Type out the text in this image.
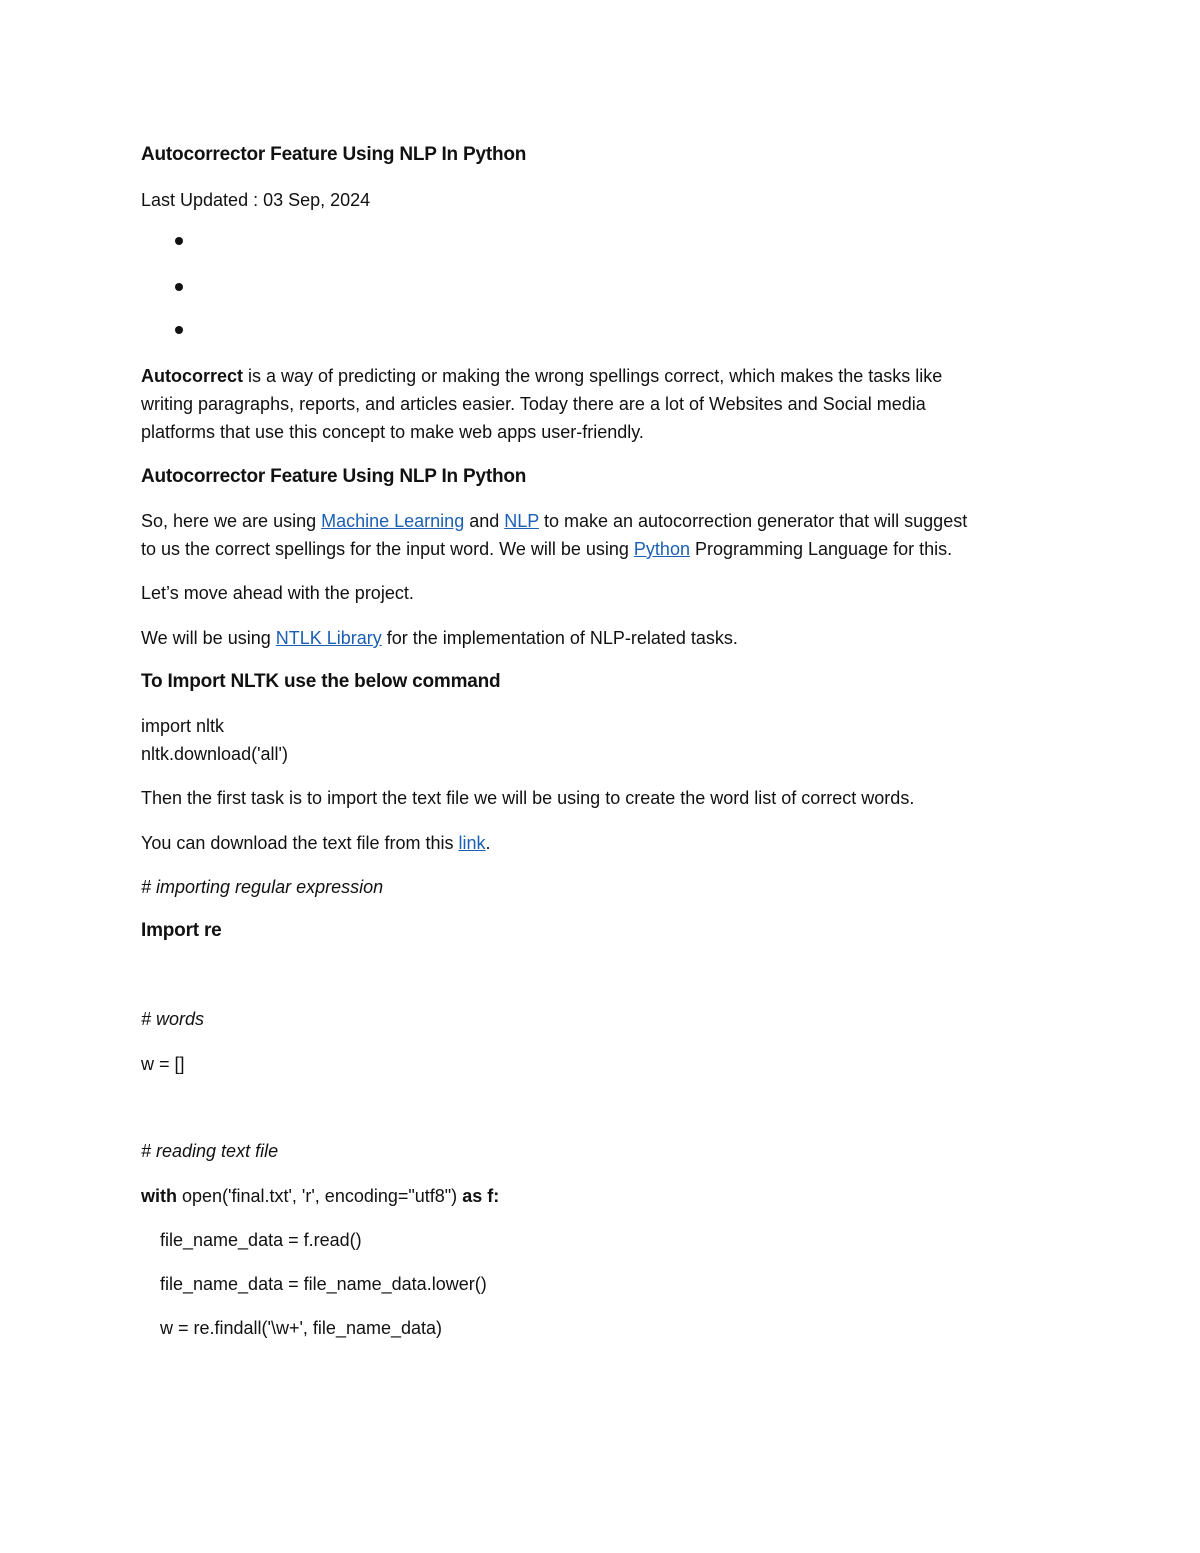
Autocorrector Feature Using NLP In Python
Last Updated : 03 Sep, 2024
Autocorrect is a way of predicting or making the wrong spellings correct, which makes the tasks like
writing paragraphs, reports, and articles easier. Today there are a lot of Websites and Social media
platforms that use this concept to make web apps user-friendly.
Autocorrector Feature Using NLP In Python
So, here we are using Machine Learning and NLP to make an autocorrection generator that will suggest
to us the correct spellings for the input word. We will be using Python Programming Language for this.
Let’s move ahead with the project.
We will be using NTLK Library for the implementation of NLP-related tasks.
To Import NLTK use the below command
import nltk
nltk.download('all')
Then the first task is to import the text file we will be using to create the word list of correct words.
You can download the text file from this link.
# importing regular expression
Import re
# words
w = []
# reading text file
with open('final.txt', 'r', encoding="utf8") as f:
file_name_data = f.read()
file_name_data = file_name_data.lower()
w = re.findall('\w+', file_name_data)
